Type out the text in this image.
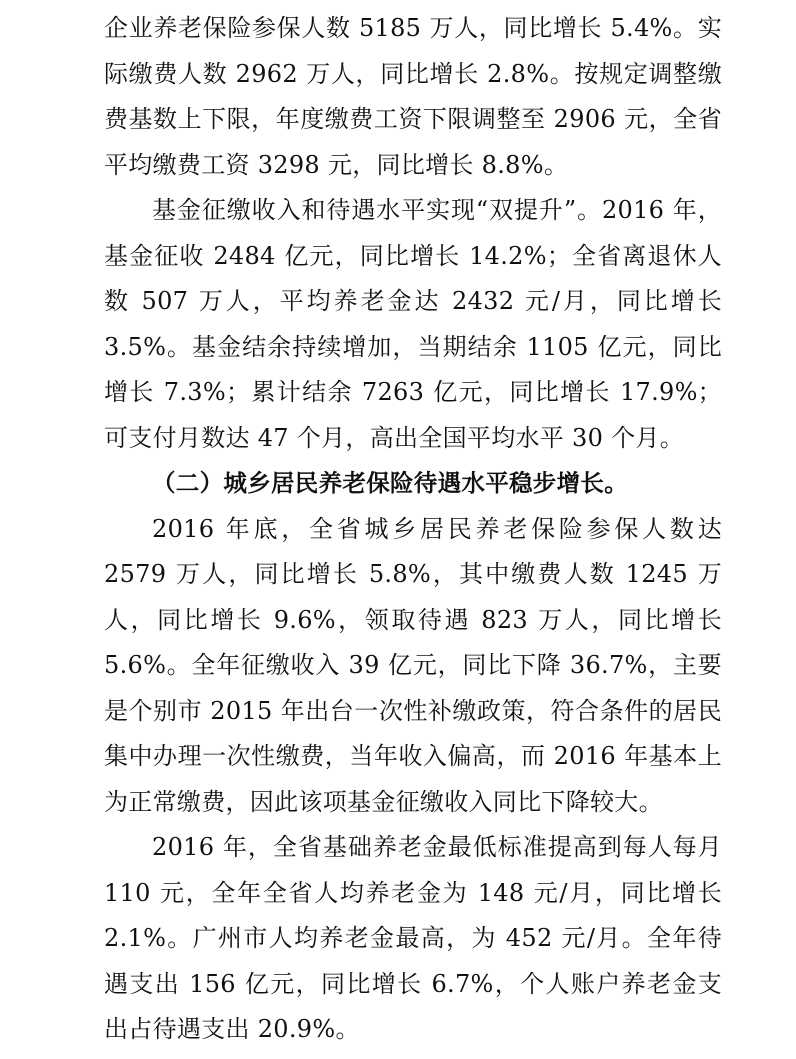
企业养老保险参保人数 5185 万人，同比增长 5.4%。实际缴费人数 2962 万人，同比增长 2.8%。按规定调整缴费基数上下限，年度缴费工资下限调整至 2906 元，全省平均缴费工资 3298 元，同比增长 8.8%。

基金征缴收入和待遇水平实现“双提升”。2016 年，基金征收 2484 亿元，同比增长 14.2%；全省离退休人数 507 万人，平均养老金达 2432 元/月，同比增长 3.5%。基金结余持续增加，当期结余 1105 亿元，同比增长 7.3%；累计结余 7263 亿元，同比增长 17.9%；可支付月数达 47 个月，高出全国平均水平 30 个月。

（二）城乡居民养老保险待遇水平稳步增长。

2016 年底，全省城乡居民养老保险参保人数达 2579 万人，同比增长 5.8%，其中缴费人数 1245 万人，同比增长 9.6%，领取待遇 823 万人，同比增长 5.6%。全年征缴收入 39 亿元，同比下降 36.7%，主要是个别市 2015 年出台一次性补缴政策，符合条件的居民集中办理一次性缴费，当年收入偏高，而 2016 年基本上为正常缴费，因此该项基金征缴收入同比下降较大。

2016 年，全省基础养老金最低标准提高到每人每月 110 元，全年全省人均养老金为 148 元/月，同比增长 2.1%。广州市人均养老金最高，为 452 元/月。全年待遇支出 156 亿元，同比增长 6.7%，个人账户养老金支出占待遇支出 20.9%。
